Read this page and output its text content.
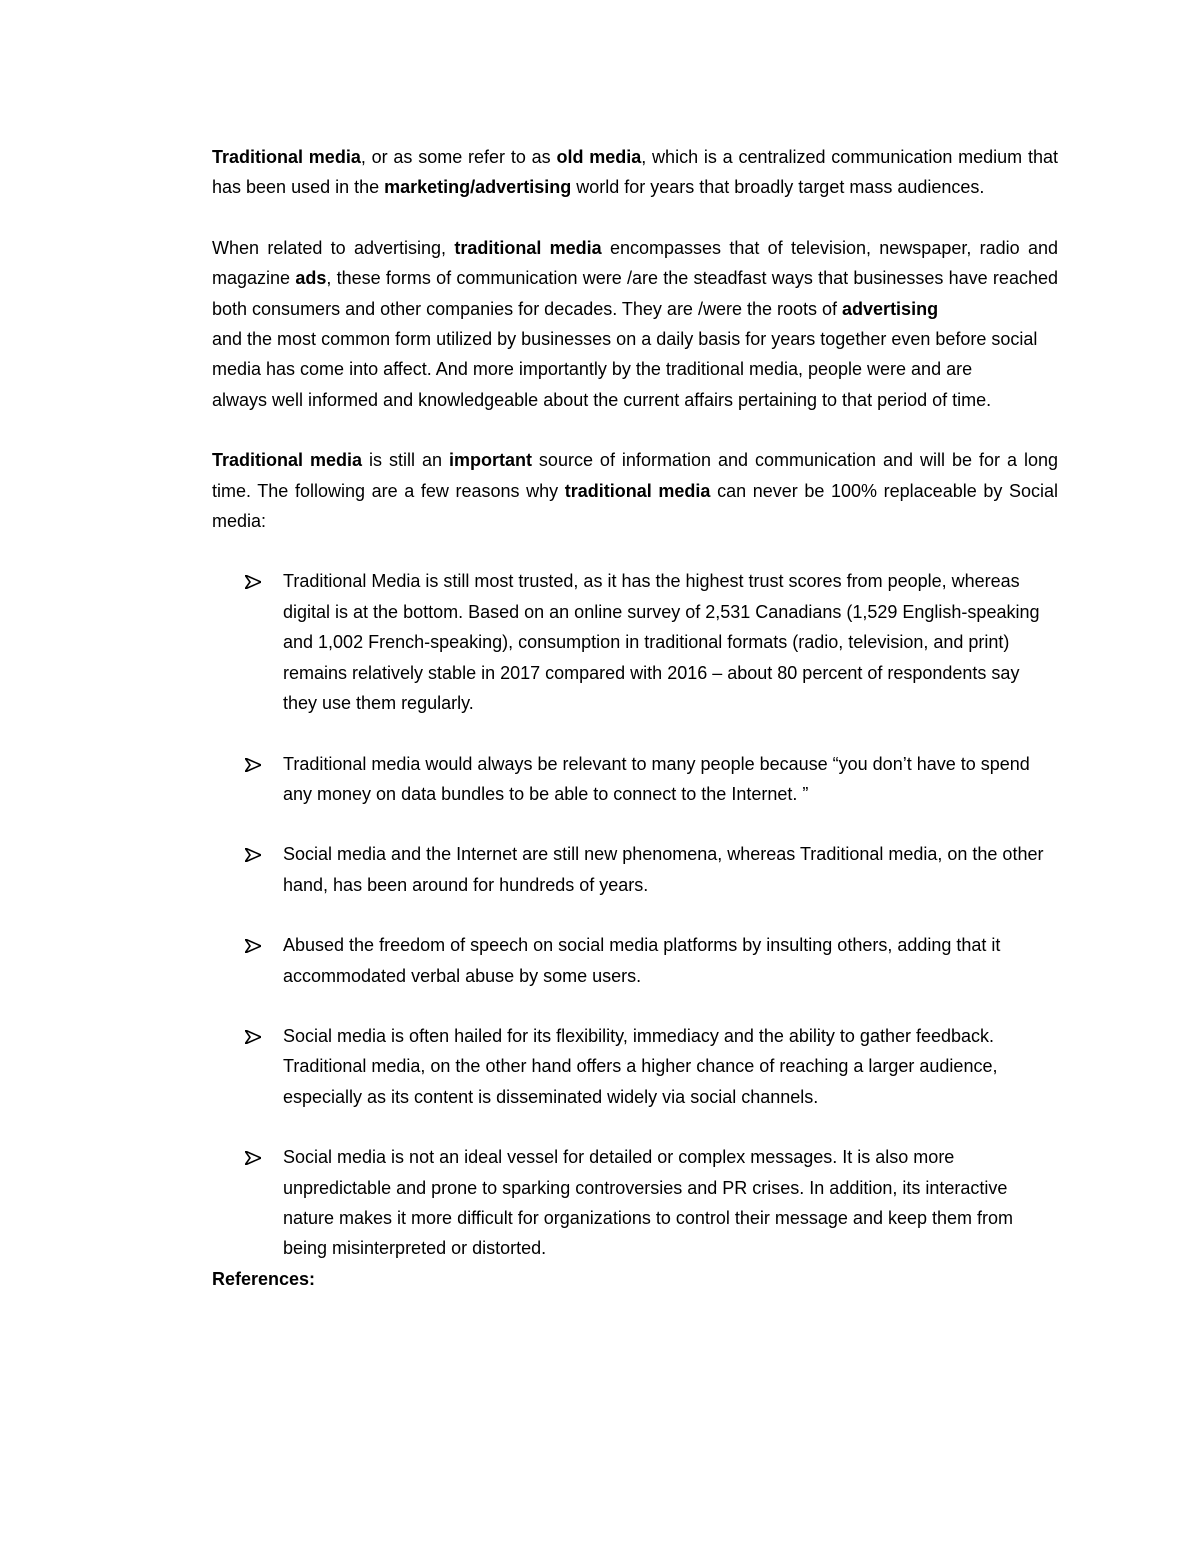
Traditional media, or as some refer to as old media, which is a centralized communication medium that has been used in the marketing/advertising world for years that broadly target mass audiences.

When related to advertising, traditional media encompasses that of television, newspaper, radio and magazine ads, these forms of communication were /are the steadfast ways that businesses have reached both consumers and other companies for decades. They are /were the roots of advertising
and the most common form utilized by businesses on a daily basis for years together even before social media has come into affect. And more importantly by the traditional media, people were and are
always well informed and knowledgeable about the current affairs pertaining to that period of time.

Traditional media is still an important source of information and communication and will be for a long time. The following are a few reasons why traditional media can never be 100% replaceable by Social media:

Traditional Media is still most trusted, as it has the highest trust scores from people, whereas digital is at the bottom. Based on an online survey of 2,531 Canadians (1,529 English-speaking and 1,002 French-speaking), consumption in traditional formats (radio, television, and print) remains relatively stable in 2017 compared with 2016 – about 80 percent of respondents say they use them regularly.
Traditional media would always be relevant to many people because “you don’t have to spend any money on data bundles to be able to connect to the Internet. ”
Social media and the Internet are still new phenomena, whereas Traditional media, on the other hand, has been around for hundreds of years.
Abused the freedom of speech on social media platforms by insulting others, adding that it accommodated verbal abuse by some users.
Social media is often hailed for its flexibility, immediacy and the ability to gather feedback. Traditional media, on the other hand offers a higher chance of reaching a larger audience, especially as its content is disseminated widely via social channels.
Social media is not an ideal vessel for detailed or complex messages. It is also more unpredictable and prone to sparking controversies and PR crises. In addition, its interactive nature makes it more difficult for organizations to control their message and keep them from being misinterpreted or distorted.

References:
